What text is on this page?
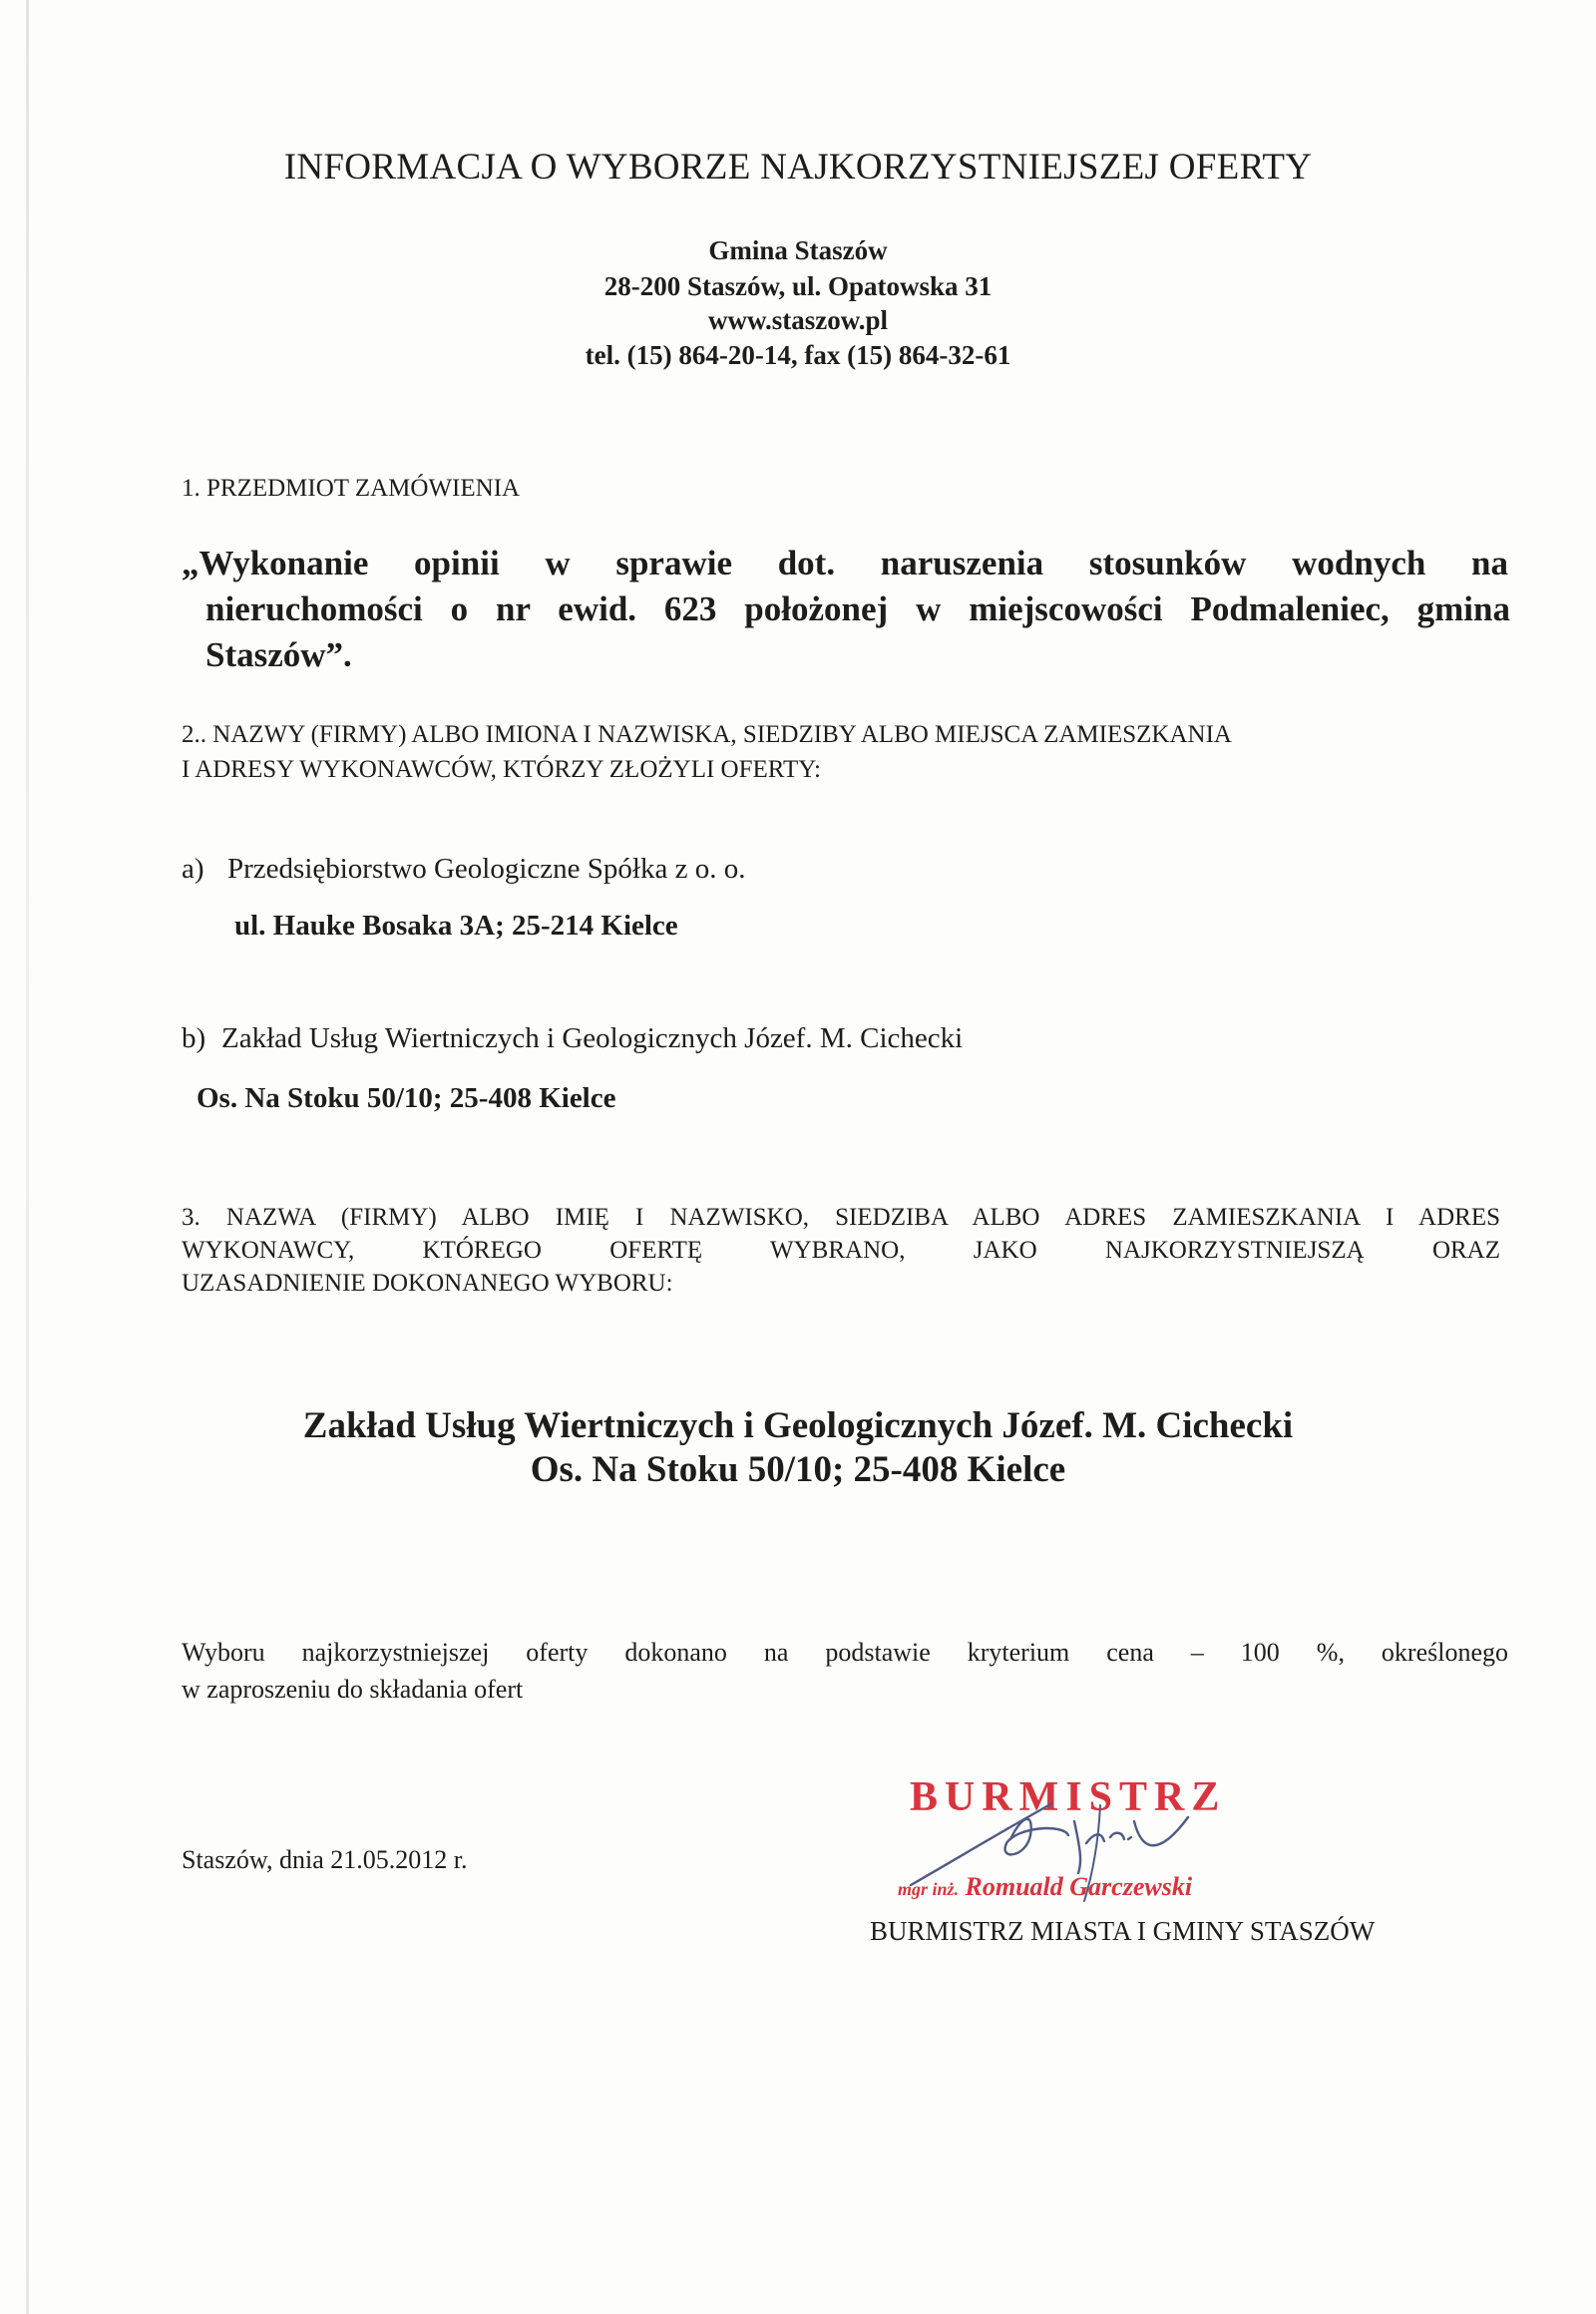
INFORMACJA O WYBORZE NAJKORZYSTNIEJSZEJ OFERTY
Gmina Staszów
28-200 Staszów, ul. Opatowska 31
www.staszow.pl
tel. (15) 864-20-14, fax (15) 864-32-61
1. PRZEDMIOT ZAMÓWIENIA
„Wykonanie opinii w sprawie dot. naruszenia stosunków wodnych na
nieruchomości o nr ewid. 623 położonej w miejscowości Podmaleniec, gmina
Staszów”.
2.. NAZWY (FIRMY) ALBO IMIONA I NAZWISKA, SIEDZIBY ALBO MIEJSCA ZAMIESZKANIA
I ADRESY WYKONAWCÓW, KTÓRZY ZŁOŻYLI OFERTY:
a) Przedsiębiorstwo Geologiczne Spółka z o. o.
ul. Hauke Bosaka 3A; 25-214 Kielce
b) Zakład Usług Wiertniczych i Geologicznych Józef. M. Cichecki
Os. Na Stoku 50/10; 25-408 Kielce
3. NAZWA (FIRMY) ALBO IMIĘ I NAZWISKO, SIEDZIBA ALBO ADRES ZAMIESZKANIA I ADRES
WYKONAWCY, KTÓREGO OFERTĘ WYBRANO, JAKO NAJKORZYSTNIEJSZĄ ORAZ
UZASADNIENIE DOKONANEGO WYBORU:
Zakład Usług Wiertniczych i Geologicznych Józef. M. Cichecki
Os. Na Stoku 50/10; 25-408 Kielce
Wyboru najkorzystniejszej oferty dokonano na podstawie kryterium cena – 100 %, określonego
w zaproszeniu do składania ofert
Staszów, dnia 21.05.2012 r.
BURMISTRZ
mgr inż. Romuald Garczewski
BURMISTRZ MIASTA I GMINY STASZÓW
